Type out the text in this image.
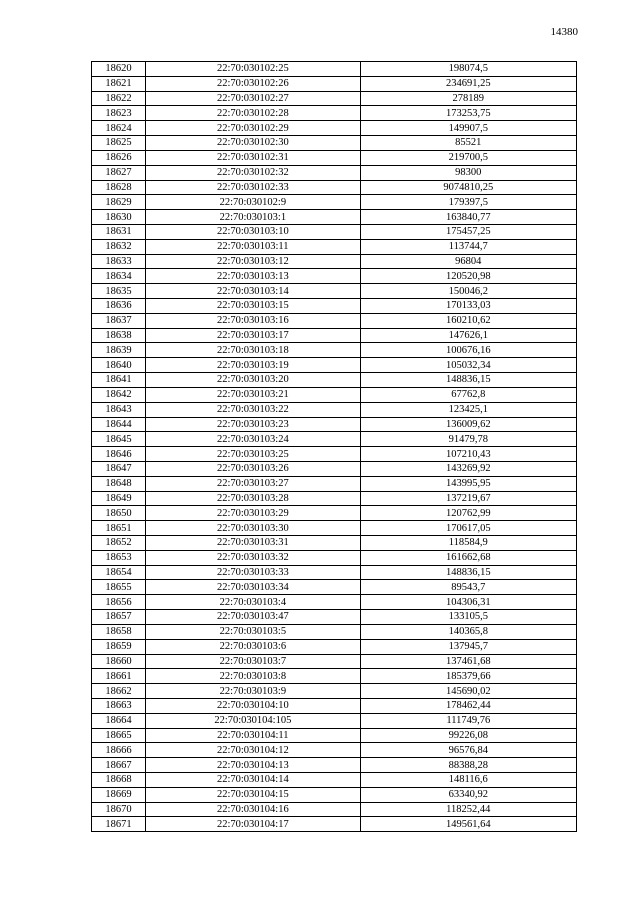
14380
18620	22:70:030102:25	198074,5
18621	22:70:030102:26	234691,25
18622	22:70:030102:27	278189
18623	22:70:030102:28	173253,75
18624	22:70:030102:29	149907,5
18625	22:70:030102:30	85521
18626	22:70:030102:31	219700,5
18627	22:70:030102:32	98300
18628	22:70:030102:33	9074810,25
18629	22:70:030102:9	179397,5
18630	22:70:030103:1	163840,77
18631	22:70:030103:10	175457,25
18632	22:70:030103:11	113744,7
18633	22:70:030103:12	96804
18634	22:70:030103:13	120520,98
18635	22:70:030103:14	150046,2
18636	22:70:030103:15	170133,03
18637	22:70:030103:16	160210,62
18638	22:70:030103:17	147626,1
18639	22:70:030103:18	100676,16
18640	22:70:030103:19	105032,34
18641	22:70:030103:20	148836,15
18642	22:70:030103:21	67762,8
18643	22:70:030103:22	123425,1
18644	22:70:030103:23	136009,62
18645	22:70:030103:24	91479,78
18646	22:70:030103:25	107210,43
18647	22:70:030103:26	143269,92
18648	22:70:030103:27	143995,95
18649	22:70:030103:28	137219,67
18650	22:70:030103:29	120762,99
18651	22:70:030103:30	170617,05
18652	22:70:030103:31	118584,9
18653	22:70:030103:32	161662,68
18654	22:70:030103:33	148836,15
18655	22:70:030103:34	89543,7
18656	22:70:030103:4	104306,31
18657	22:70:030103:47	133105,5
18658	22:70:030103:5	140365,8
18659	22:70:030103:6	137945,7
18660	22:70:030103:7	137461,68
18661	22:70:030103:8	185379,66
18662	22:70:030103:9	145690,02
18663	22:70:030104:10	178462,44
18664	22:70:030104:105	111749,76
18665	22:70:030104:11	99226,08
18666	22:70:030104:12	96576,84
18667	22:70:030104:13	88388,28
18668	22:70:030104:14	148116,6
18669	22:70:030104:15	63340,92
18670	22:70:030104:16	118252,44
18671	22:70:030104:17	149561,64
